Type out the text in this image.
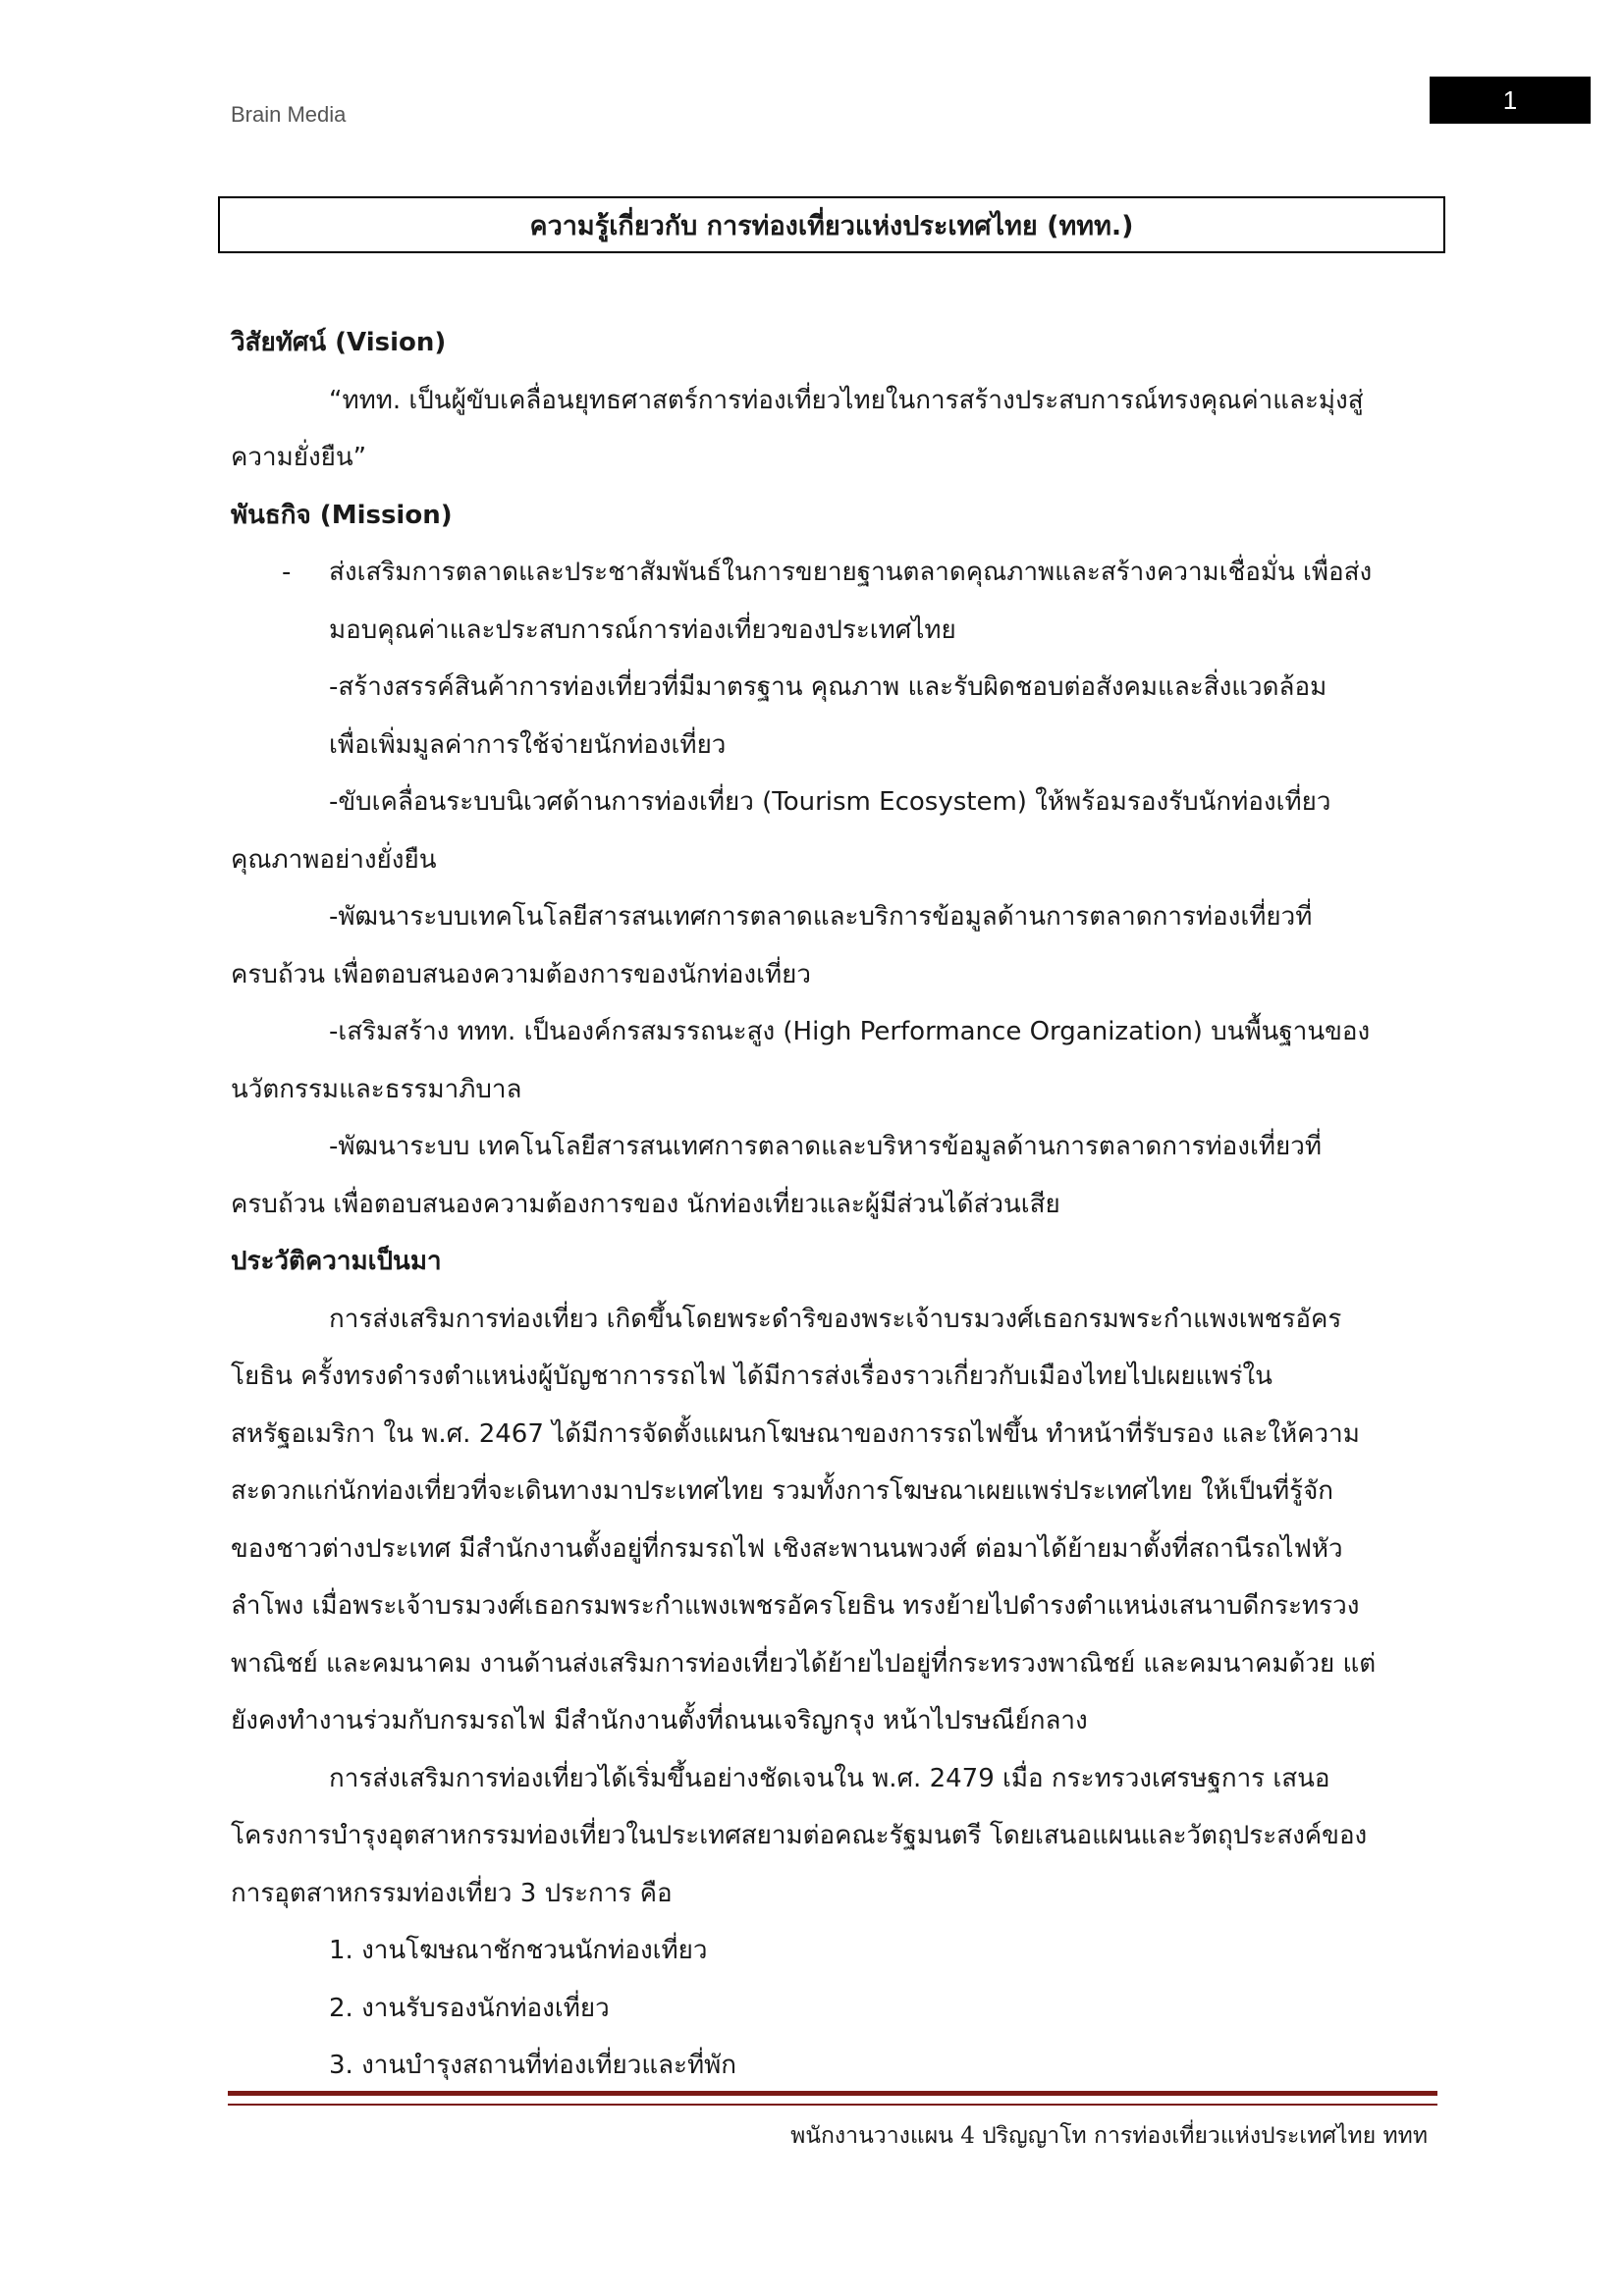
Brain Media	1
ความรู้เกี่ยวกับ การท่องเที่ยวแห่งประเทศไทย (ททท.)
วิสัยทัศน์ (Vision)
“ททท. เป็นผู้ขับเคลื่อนยุทธศาสตร์การท่องเที่ยวไทยในการสร้างประสบการณ์ทรงคุณค่าและมุ่งสู่
ความยั่งยืน”
พันธกิจ (Mission)
- ส่งเสริมการตลาดและประชาสัมพันธ์ในการขยายฐานตลาดคุณภาพและสร้างความเชื่อมั่น เพื่อส่ง
มอบคุณค่าและประสบการณ์การท่องเที่ยวของประเทศไทย
-สร้างสรรค์สินค้าการท่องเที่ยวที่มีมาตรฐาน คุณภาพ และรับผิดชอบต่อสังคมและสิ่งแวดล้อม
เพื่อเพิ่มมูลค่าการใช้จ่ายนักท่องเที่ยว
-ขับเคลื่อนระบบนิเวศด้านการท่องเที่ยว (Tourism Ecosystem) ให้พร้อมรองรับนักท่องเที่ยว
คุณภาพอย่างยั่งยืน
-พัฒนาระบบเทคโนโลยีสารสนเทศการตลาดและบริการข้อมูลด้านการตลาดการท่องเที่ยวที่
ครบถ้วน เพื่อตอบสนองความต้องการของนักท่องเที่ยว
-เสริมสร้าง ททท. เป็นองค์กรสมรรถนะสูง (High Performance Organization) บนพื้นฐานของ
นวัตกรรมและธรรมาภิบาล
-พัฒนาระบบ เทคโนโลยีสารสนเทศการตลาดและบริหารข้อมูลด้านการตลาดการท่องเที่ยวที่
ครบถ้วน เพื่อตอบสนองความต้องการของ นักท่องเที่ยวและผู้มีส่วนได้ส่วนเสีย
ประวัติความเป็นมา
การส่งเสริมการท่องเที่ยว เกิดขึ้นโดยพระดำริของพระเจ้าบรมวงศ์เธอกรมพระกำแพงเพชรอัคร
โยธิน ครั้งทรงดำรงตำแหน่งผู้บัญชาการรถไฟ ได้มีการส่งเรื่องราวเกี่ยวกับเมืองไทยไปเผยแพร่ใน
สหรัฐอเมริกา ใน พ.ศ. 2467 ได้มีการจัดตั้งแผนกโฆษณาของการรถไฟขึ้น ทำหน้าที่รับรอง และให้ความ
สะดวกแก่นักท่องเที่ยวที่จะเดินทางมาประเทศไทย รวมทั้งการโฆษณาเผยแพร่ประเทศไทย ให้เป็นที่รู้จัก
ของชาวต่างประเทศ มีสำนักงานตั้งอยู่ที่กรมรถไฟ เชิงสะพานนพวงศ์ ต่อมาได้ย้ายมาตั้งที่สถานีรถไฟหัว
ลำโพง เมื่อพระเจ้าบรมวงศ์เธอกรมพระกำแพงเพชรอัครโยธิน ทรงย้ายไปดำรงตำแหน่งเสนาบดีกระทรวง
พาณิชย์ และคมนาคม งานด้านส่งเสริมการท่องเที่ยวได้ย้ายไปอยู่ที่กระทรวงพาณิชย์ และคมนาคมด้วย แต่
ยังคงทำงานร่วมกับกรมรถไฟ มีสำนักงานตั้งที่ถนนเจริญกรุง หน้าไปรษณีย์กลาง
การส่งเสริมการท่องเที่ยวได้เริ่มขึ้นอย่างชัดเจนใน พ.ศ. 2479 เมื่อ กระทรวงเศรษฐการ เสนอ
โครงการบำรุงอุตสาหกรรมท่องเที่ยวในประเทศสยามต่อคณะรัฐมนตรี โดยเสนอแผนและวัตถุประสงค์ของ
การอุตสาหกรรมท่องเที่ยว 3 ประการ คือ
1. งานโฆษณาชักชวนนักท่องเที่ยว
2. งานรับรองนักท่องเที่ยว
3. งานบำรุงสถานที่ท่องเที่ยวและที่พัก
พนักงานวางแผน 4 ปริญญาโท การท่องเที่ยวแห่งประเทศไทย ททท
